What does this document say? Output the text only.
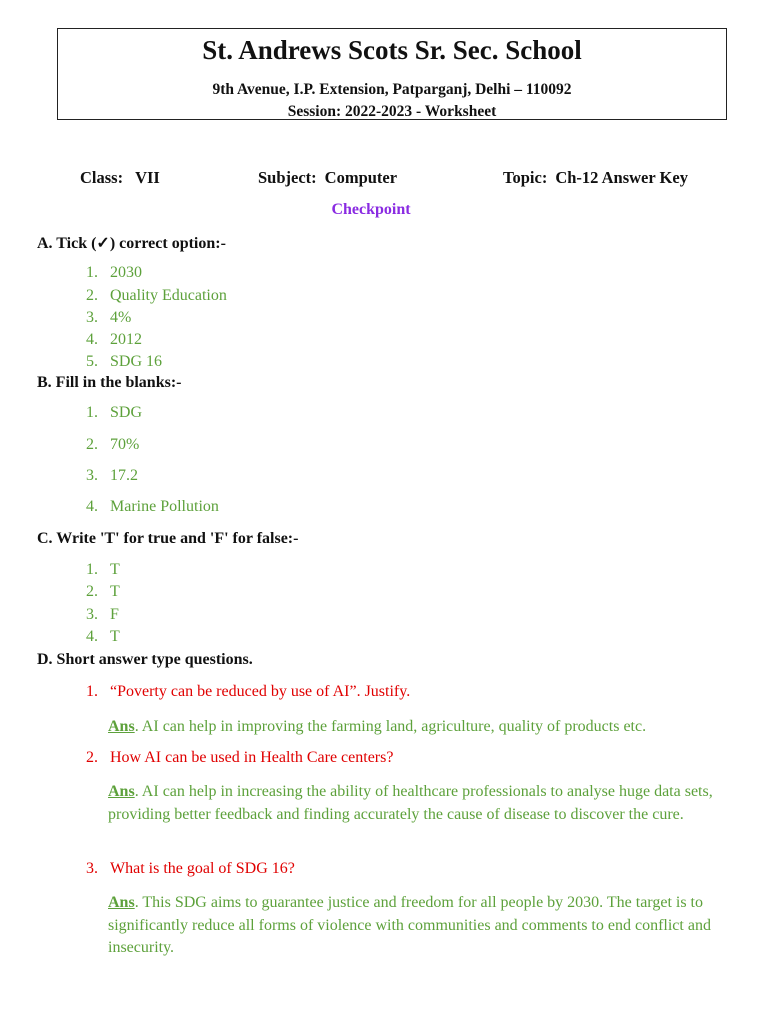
St. Andrews Scots Sr. Sec. School
9th Avenue, I.P. Extension, Patparganj, Delhi – 110092
Session: 2022-2023 - Worksheet
Class: VII	Subject: Computer	Topic: Ch-12 Answer Key
Checkpoint
A. Tick (✓) correct option:-
1. 2030
2. Quality Education
3. 4%
4. 2012
5. SDG 16
B. Fill in the blanks:-
1. SDG
2. 70%
3. 17.2
4. Marine Pollution
C. Write 'T' for true and 'F' for false:-
1. T
2. T
3. F
4. T
D. Short answer type questions.
1. “Poverty can be reduced by use of AI”. Justify.
Ans. AI can help in improving the farming land, agriculture, quality of products etc.
2. How AI can be used in Health Care centers?
Ans. AI can help in increasing the ability of healthcare professionals to analyse huge data sets, providing better feedback and finding accurately the cause of disease to discover the cure.
3. What is the goal of SDG 16?
Ans. This SDG aims to guarantee justice and freedom for all people by 2030. The target is to significantly reduce all forms of violence with communities and comments to end conflict and insecurity.
